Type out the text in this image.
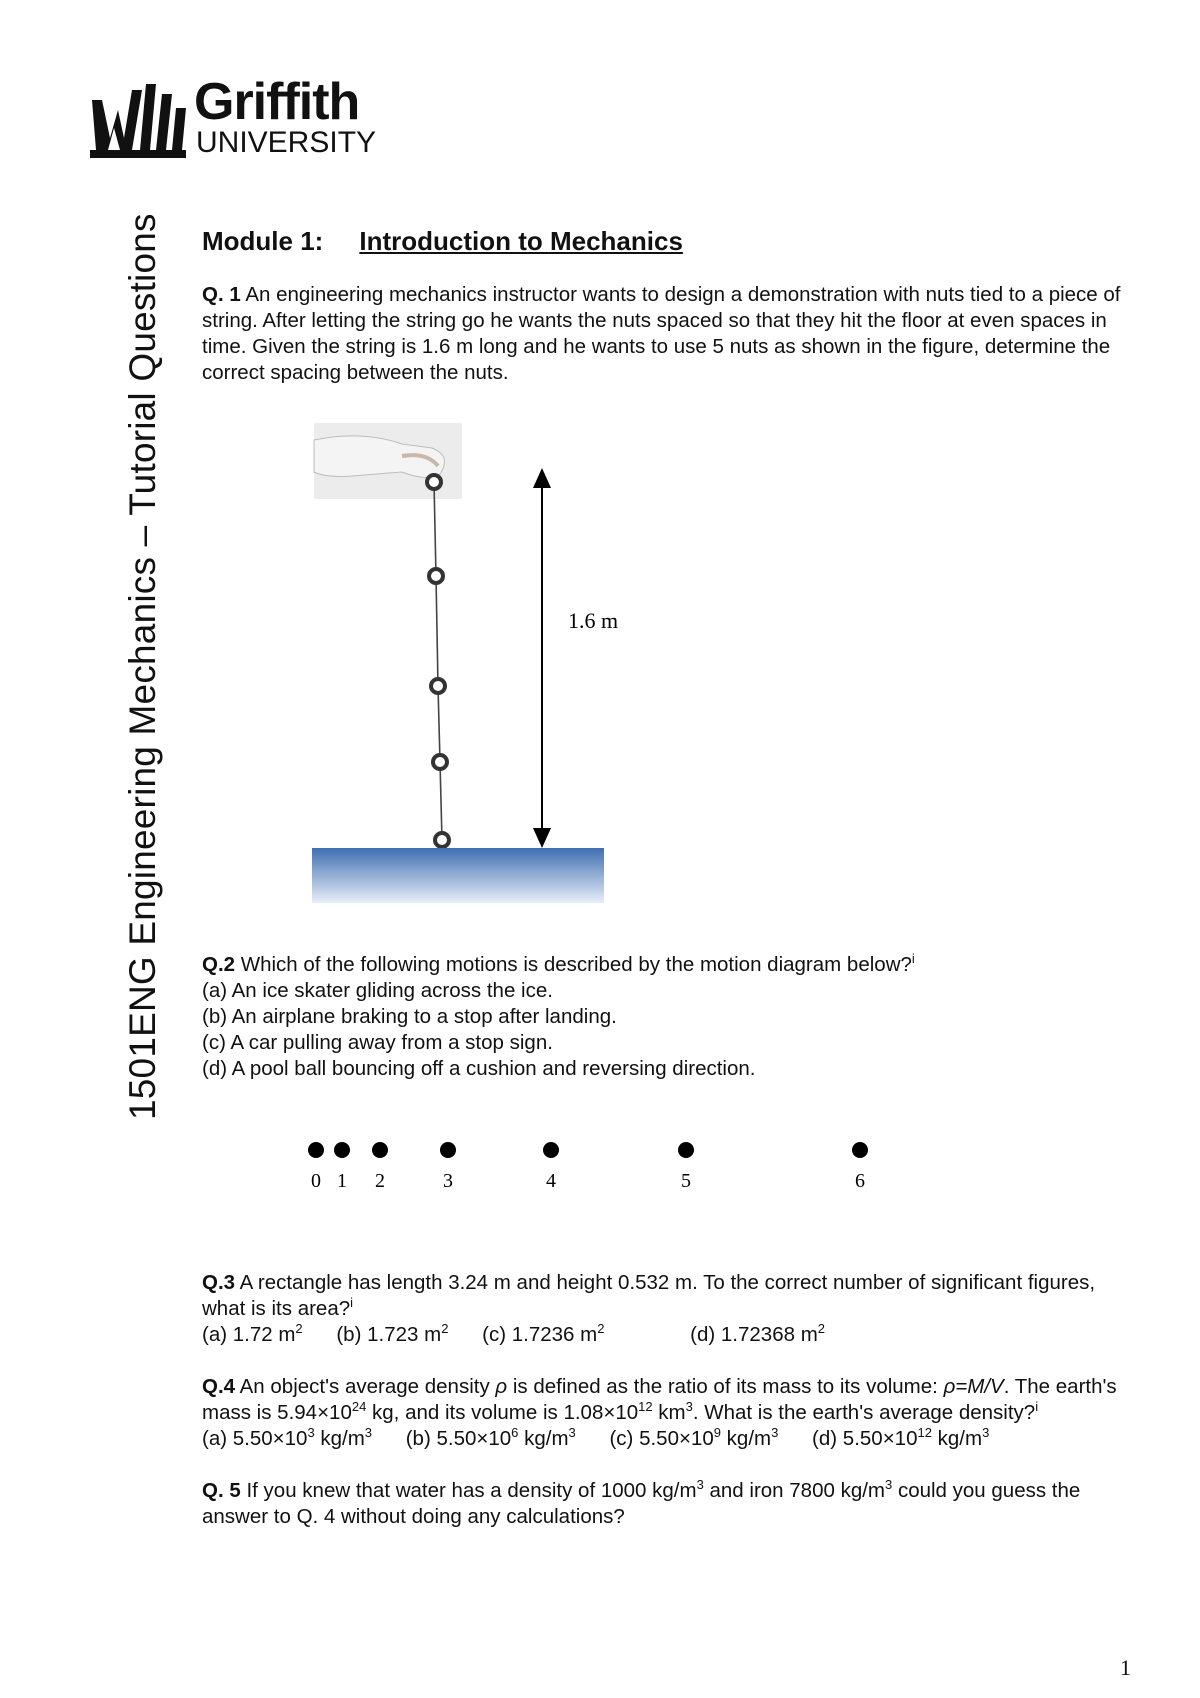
Griffith
UNIVERSITY
1501ENG Engineering Mechanics – Tutorial Questions Module 1: Introduction to Mechanics

Q. 1 An engineering mechanics instructor wants to design a demonstration with nuts tied to a piece of string. After letting the string go he wants the nuts spaced so that they hit the floor at even spaces in time. Given the string is 1.6 m long and he wants to use 5 nuts as shown in the figure, determine the correct spacing between the nuts.

1.6 m

Q.2 Which of the following motions is described by the motion diagram below?$^i$

(a) An ice skater gliding across the ice.

(b) An airplane braking to a stop after landing.

(c) A car pulling away from a stop sign.

(d) A pool ball bouncing off a cushion and reversing direction.

0 1 2	3	4	5	6

Q.3 A rectangle has length 3.24 m and height 0.532 m. To the correct number of significant figures, what is its area?$^i$

(a) 1.72 $m^2$ (b) 1.723 $m^2$ (c) 1.7236 $m^2$	(d) 1.72368 $m^2$

Q.4 An object's average density ρ is defined as the ratio of its mass to its volume: ρ=M/V. The earth's mass is $5.94\times 10^{24}$ kg, and its volume is $1.08\times 10^{12}$ $km^3$. What is the earth's average density?$^i$

(a) $5.50\times 10^3$ $kg/m^3$ (b) $5.50\times 10^6$ $kg/m^3$ (c) $5.50\times 10^9$ $kg/m^3$ (d) $5.50\times 10^{12}$ $kg/m^3$

Q. 5 If you knew that water has a density of 1000 $kg/m^3$ and iron 7800 $kg/m^3$ could you guess the answer to Q. 4 without doing any calculations?

1
